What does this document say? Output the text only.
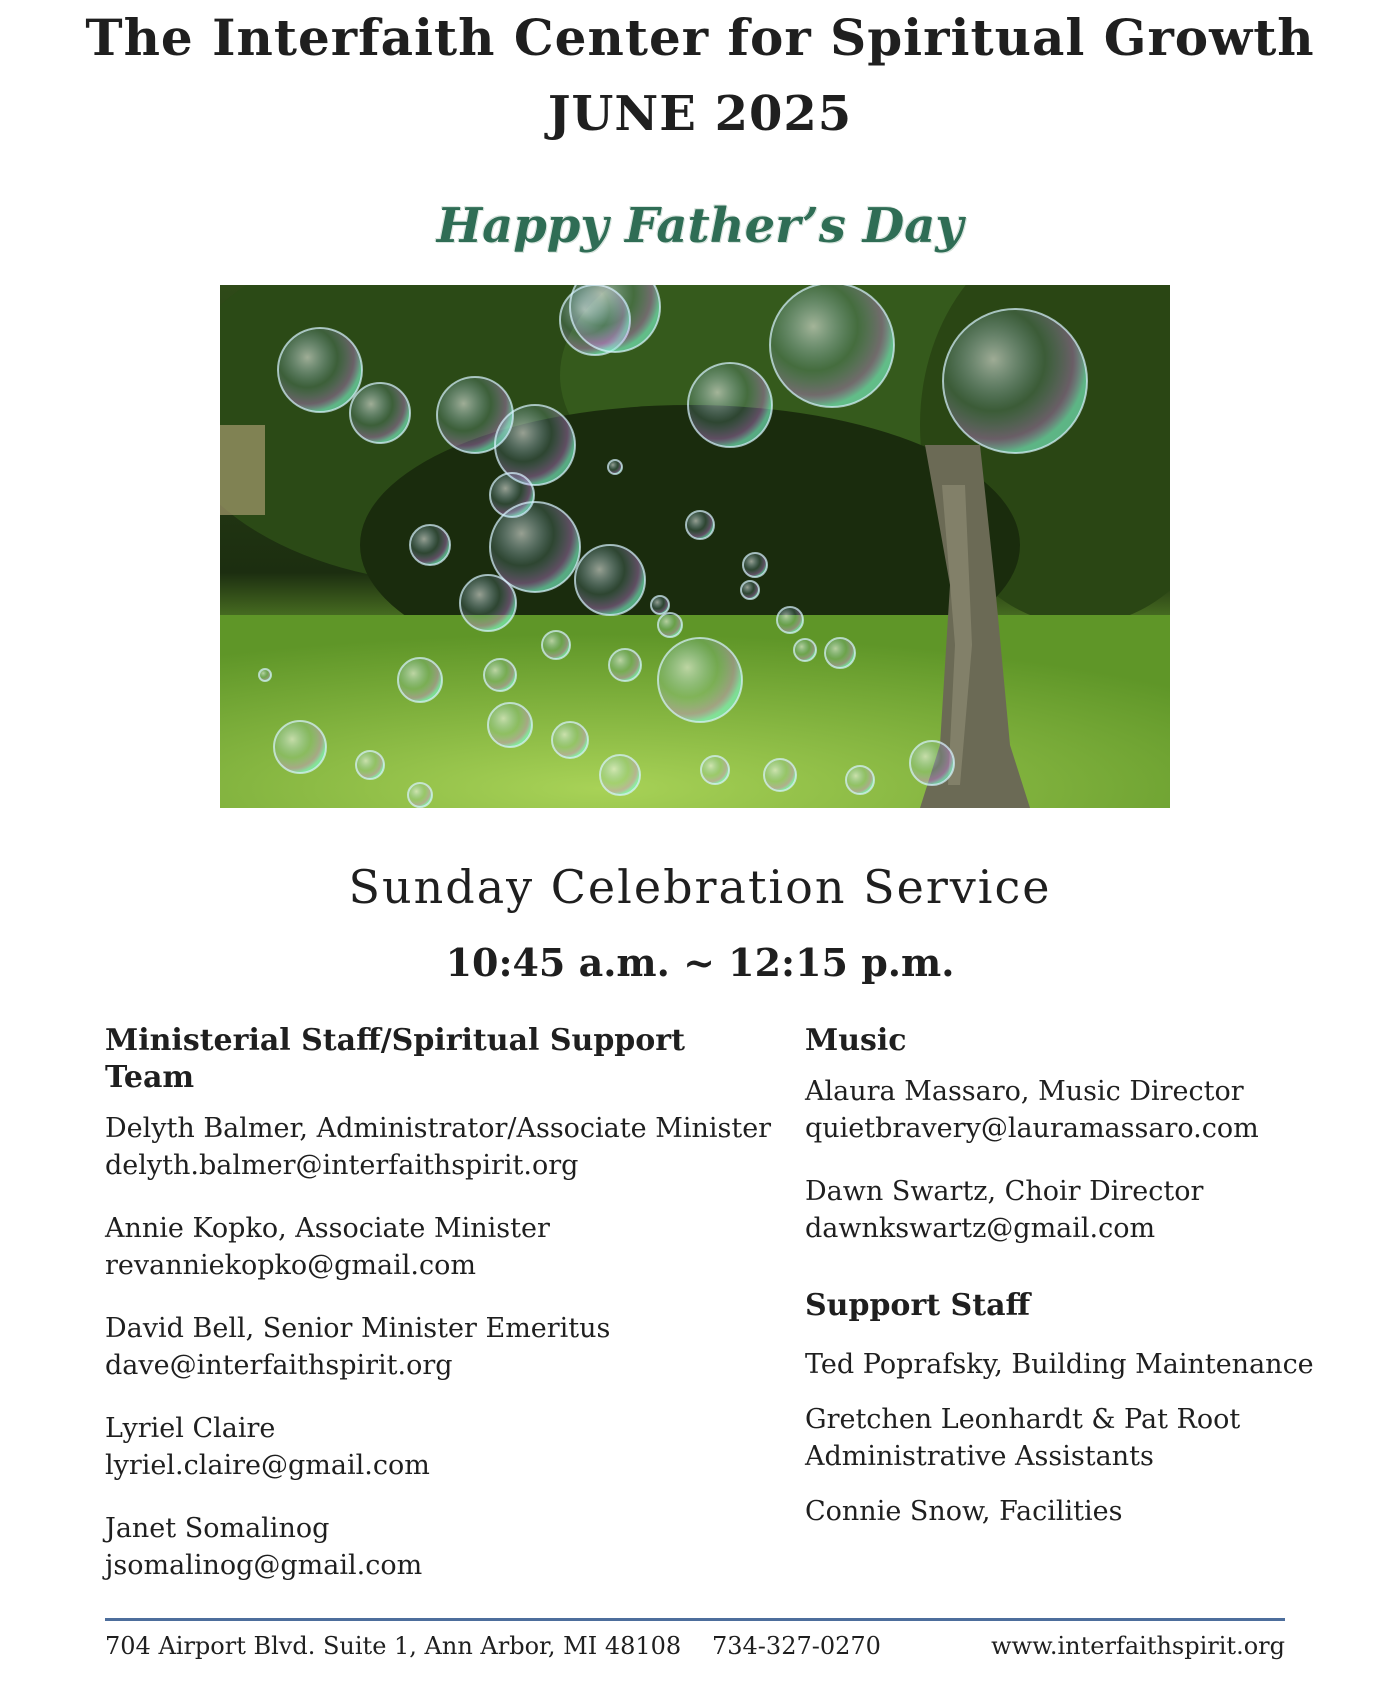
The Interfaith Center for Spiritual Growth
JUNE 2025
Happy Father’s Day
Sunday Celebration Service
10:45 a.m. ~ 12:15 p.m.
Ministerial Staff/Spiritual Support Team
Delyth Balmer, Administrator/Associate Minister
delyth.balmer@interfaithspirit.org
Annie Kopko, Associate Minister
revanniekopko@gmail.com
David Bell, Senior Minister Emeritus
dave@interfaithspirit.org
Lyriel Claire
lyriel.claire@gmail.com
Janet Somalinog
jsomalinog@gmail.com
Music
Alaura Massaro, Music Director
quietbravery@lauramassaro.com
Dawn Swartz, Choir Director
dawnkswartz@gmail.com
Support Staff
Ted Poprafsky, Building Maintenance
Gretchen Leonhardt & Pat Root
Administrative Assistants
Connie Snow, Facilities
704 Airport Blvd. Suite 1, Ann Arbor, MI 48108 734-327-0270	www.interfaithspirit.org
